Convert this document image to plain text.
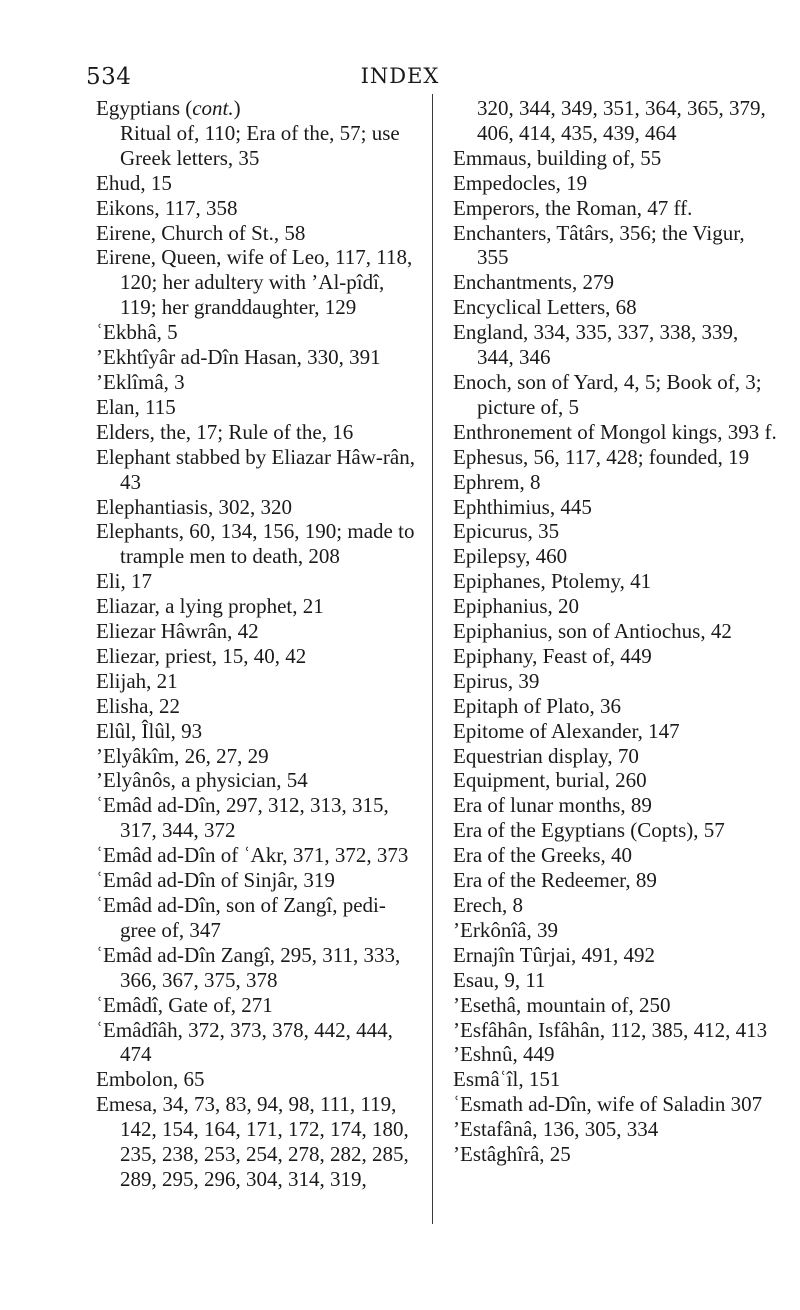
534	INDEX

Egyptians (cont.)

Ritual of, 110; Era of the, 57; use Greek letters, 35

Ehud, 15

Eikons, 117, 358

Eirene, Church of St., 58

Eirene, Queen, wife of Leo, 117, 118, 120; her adultery with ’Al-pîdî, 119; her granddaughter, 129

ʿEkbhâ, 5

’Ekhtîyâr ad-Dîn Hasan, 330, 391

’Eklîmâ, 3

Elan, 115

Elders, the, 17; Rule of the, 16

Elephant stabbed by Eliazar Hâw-rân, 43

Elephantiasis, 302, 320

Elephants, 60, 134, 156, 190; made to trample men to death, 208

Eli, 17

Eliazar, a lying prophet, 21

Eliezar Hâwrân, 42

Eliezar, priest, 15, 40, 42

Elijah, 21

Elisha, 22

Elûl, Îlûl, 93

’Elyâkîm, 26, 27, 29

’Elyânôs, a physician, 54

ʿEmâd ad-Dîn, 297, 312, 313, 315, 317, 344, 372

ʿEmâd ad-Dîn of ʿAkr, 371, 372, 373

ʿEmâd ad-Dîn of Sinjâr, 319

ʿEmâd ad-Dîn, son of Zangî, pedi-gree of, 347

ʿEmâd ad-Dîn Zangî, 295, 311, 333, 366, 367, 375, 378

ʿEmâdî, Gate of, 271

ʿEmâdîâh, 372, 373, 378, 442, 444, 474

Embolon, 65

Emesa, 34, 73, 83, 94, 98, 111, 119, 142, 154, 164, 171, 172, 174, 180, 235, 238, 253, 254, 278, 282, 285, 289, 295, 296, 304, 314, 319,

320, 344, 349, 351, 364, 365, 379, 406, 414, 435, 439, 464

Emmaus, building of, 55

Empedocles, 19

Emperors, the Roman, 47 ff.

Enchanters, Tâtârs, 356; the Vigur, 355

Enchantments, 279

Encyclical Letters, 68

England, 334, 335, 337, 338, 339, 344, 346

Enoch, son of Yard, 4, 5; Book of, 3; picture of, 5

Enthronement of Mongol kings, 393 f.

Ephesus, 56, 117, 428; founded, 19

Ephrem, 8

Ephthimius, 445

Epicurus, 35

Epilepsy, 460

Epiphanes, Ptolemy, 41

Epiphanius, 20

Epiphanius, son of Antiochus, 42

Epiphany, Feast of, 449

Epirus, 39

Epitaph of Plato, 36

Epitome of Alexander, 147

Equestrian display, 70

Equipment, burial, 260

Era of lunar months, 89

Era of the Egyptians (Copts), 57

Era of the Greeks, 40

Era of the Redeemer, 89

Erech, 8

’Erkônîâ, 39

Ernajîn Tûrjai, 491, 492

Esau, 9, 11

’Esethâ, mountain of, 250

’Esfâhân, Isfâhân, 112, 385, 412, 413

’Eshnû, 449

Esmâʿîl, 151

ʿEsmath ad-Dîn, wife of Saladin 307

’Estafânâ, 136, 305, 334

’Estâghîrâ, 25
